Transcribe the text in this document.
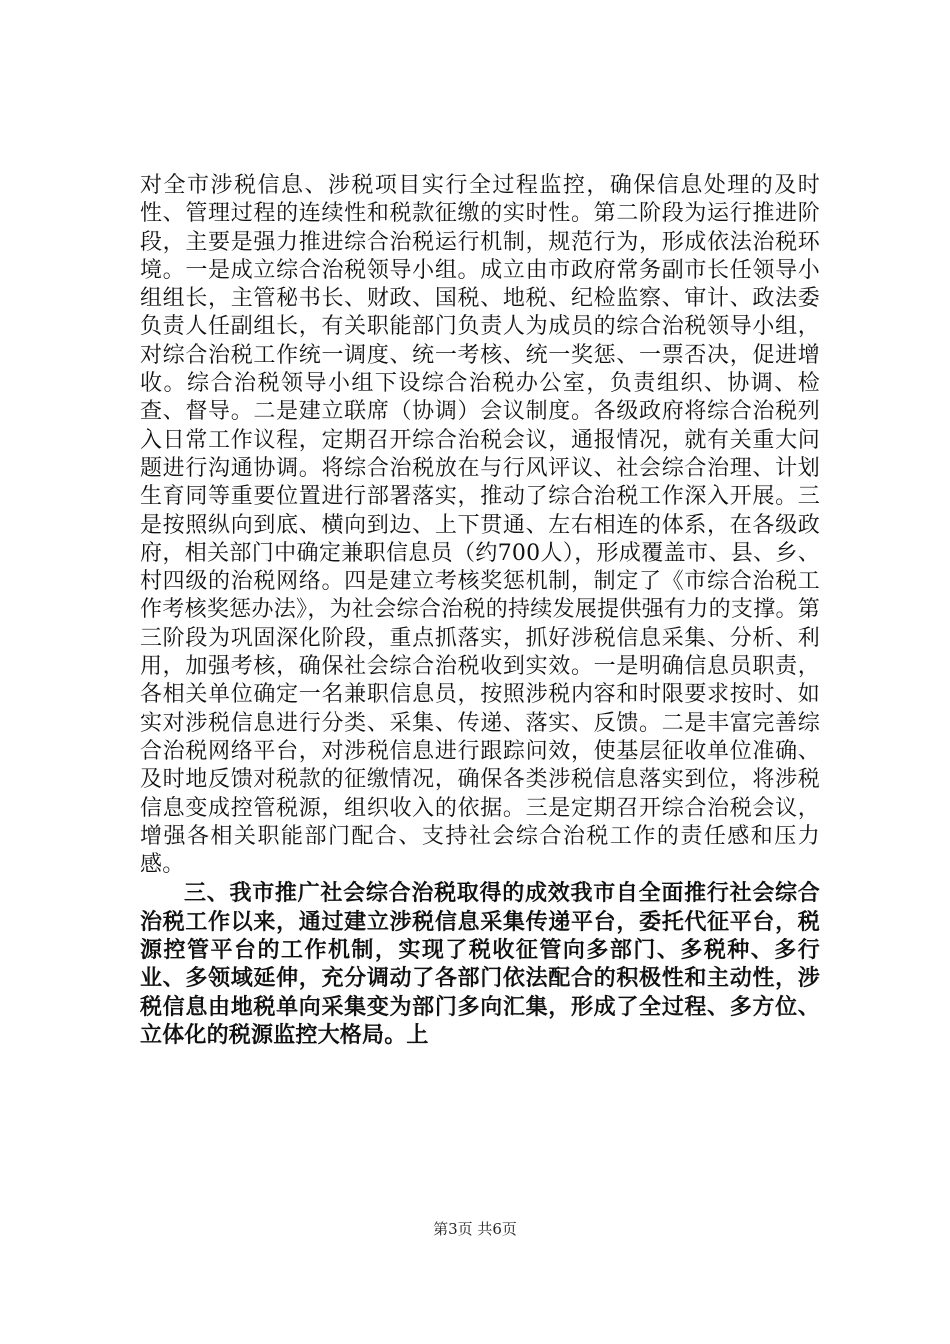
对全市涉税信息、涉税项目实行全过程监控，确保信息处理的及时性、管理过程的连续性和税款征缴的实时性。第二阶段为运行推进阶段，主要是强力推进综合治税运行机制，规范行为，形成依法治税环境。一是成立综合治税领导小组。成立由市政府常务副市长任领导小组组长，主管秘书长、财政、国税、地税、纪检监察、审计、政法委负责人任副组长，有关职能部门负责人为成员的综合治税领导小组，对综合治税工作统一调度、统一考核、统一奖惩、一票否决，促进增收。综合治税领导小组下设综合治税办公室，负责组织、协调、检查、督导。二是建立联席（协调）会议制度。各级政府将综合治税列入日常工作议程，定期召开综合治税会议，通报情况，就有关重大问题进行沟通协调。将综合治税放在与行风评议、社会综合治理、计划生育同等重要位置进行部署落实，推动了综合治税工作深入开展。三是按照纵向到底、横向到边、上下贯通、左右相连的体系，在各级政府，相关部门中确定兼职信息员（约700人），形成覆盖市、县、乡、村四级的治税网络。四是建立考核奖惩机制，制定了《市综合治税工作考核奖惩办法》，为社会综合治税的持续发展提供强有力的支撑。第三阶段为巩固深化阶段，重点抓落实，抓好涉税信息采集、分析、利用，加强考核，确保社会综合治税收到实效。一是明确信息员职责，各相关单位确定一名兼职信息员，按照涉税内容和时限要求按时、如实对涉税信息进行分类、采集、传递、落实、反馈。二是丰富完善综合治税网络平台，对涉税信息进行跟踪问效，使基层征收单位准确、及时地反馈对税款的征缴情况，确保各类涉税信息落实到位，将涉税信息变成控管税源，组织收入的依据。三是定期召开综合治税会议，增强各相关职能部门配合、支持社会综合治税工作的责任感和压力感。

三、我市推广社会综合治税取得的成效我市自全面推行社会综合治税工作以来，通过建立涉税信息采集传递平台，委托代征平台，税源控管平台的工作机制，实现了税收征管向多部门、多税种、多行业、多领域延伸，充分调动了各部门依法配合的积极性和主动性，涉税信息由地税单向采集变为部门多向汇集，形成了全过程、多方位、立体化的税源监控大格局。上

第3页 共6页
